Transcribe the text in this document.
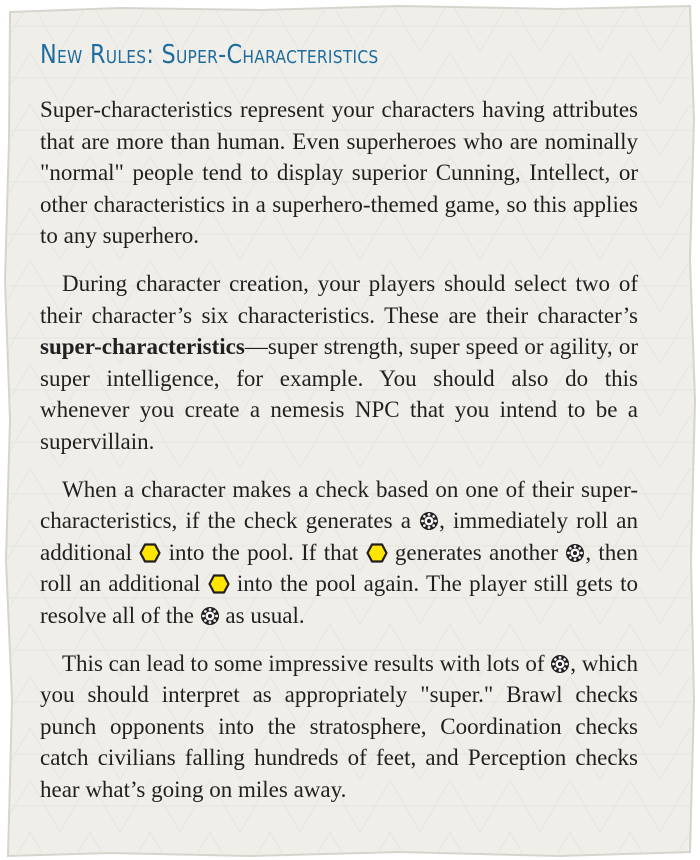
New Rules: Super-Characteristics

Super-characteristics represent your characters having attributes that are more than human. Even superheroes who are nominally "normal" people tend to display superior Cunning, Intellect, or other characteristics in a superhero-themed game, so this applies to any superhero.

During character creation, your players should select two of their character’s six characteristics. These are their character’s super-characteristics—super strength, super speed or agility, or super intelligence, for example. You should also do this whenever you create a nemesis NPC that you intend to be a supervillain.

When a character makes a check based on one of their super-characteristics, if the check generates a
, immediately roll an additional
into the pool. If that
generates another
, then roll an additional
into the pool again. The player still gets to resolve all of the
as usual.

This can lead to some impressive results with lots of
, which you should interpret as appropriately "super." Brawl checks punch opponents into the stratosphere, Coordination checks catch civilians falling hundreds of feet, and Perception checks hear what’s going on miles away.
